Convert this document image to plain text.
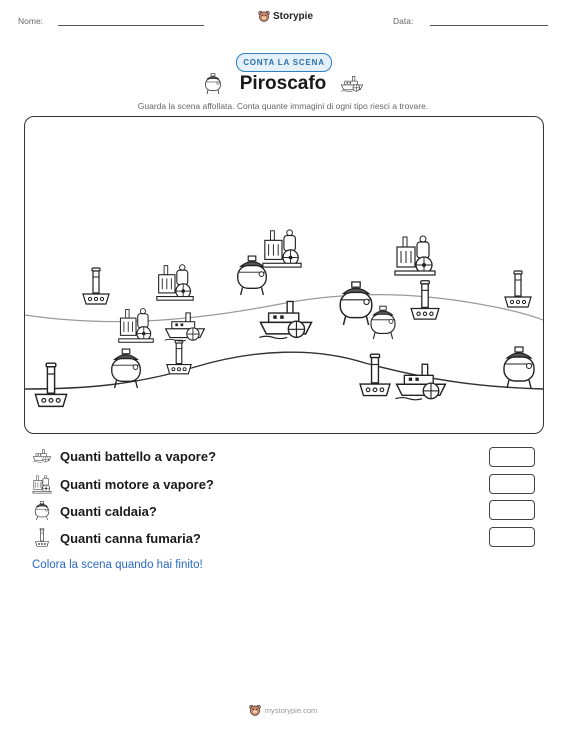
Nome:	Storypie	Data:
CONTA LA SCENA
Piroscafo
Guarda la scena affollata. Conta quante immagini di ogni tipo riesci a trovare.
Quanti battello a vapore?
Quanti motore a vapore?
Quanti caldaia?
Quanti canna fumaria?
Colora la scena quando hai finito!
mystorypie.com
